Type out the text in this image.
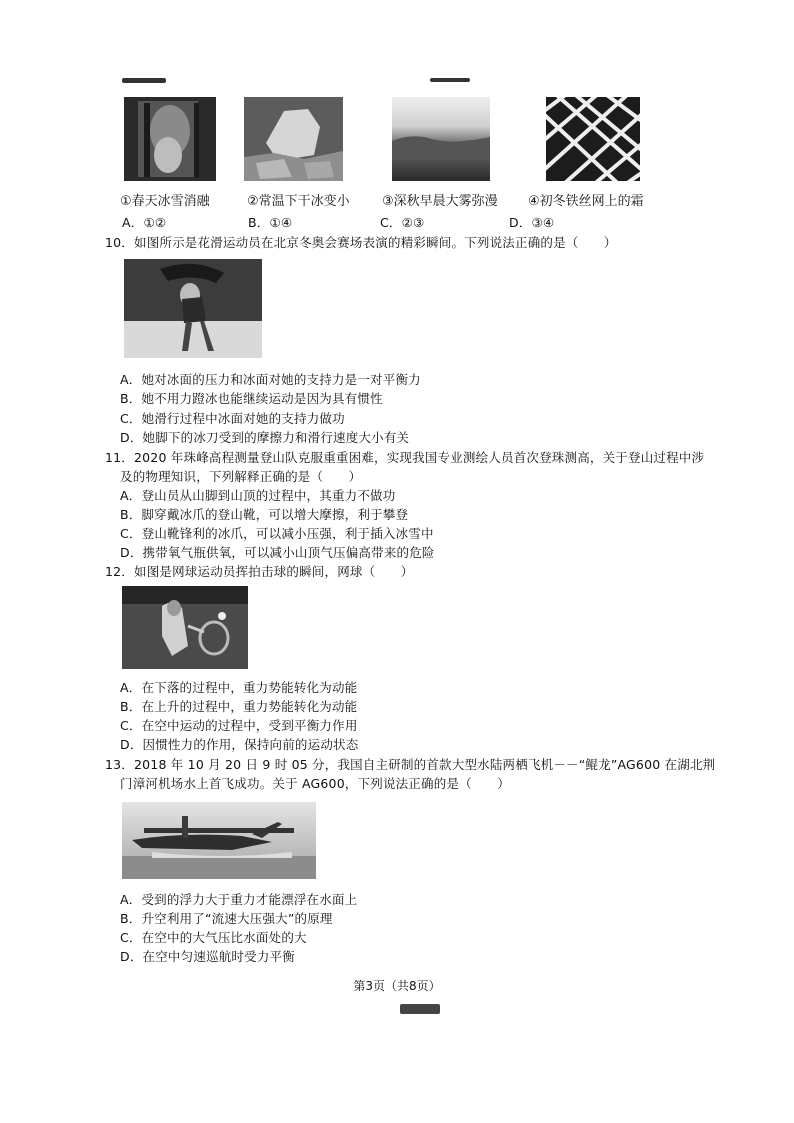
①春天冰雪消融	②常温下干冰变小 ③深秋早晨大雾弥漫 ④初冬铁丝网上的霜
A．①②	B．①④	C．②③	D．③④
10．如图所示是花滑运动员在北京冬奥会赛场表演的精彩瞬间。下列说法正确的是（　　）
A．她对冰面的压力和冰面对她的支持力是一对平衡力
B．她不用力蹬冰也能继续运动是因为具有惯性
C．她滑行过程中冰面对她的支持力做功
D．她脚下的冰刀受到的摩擦力和滑行速度大小有关
11．2020 年珠峰高程测量登山队克服重重困难，实现我国专业测绘人员首次登珠测高，关于登山过程中涉
及的物理知识，下列解释正确的是（　　）
A．登山员从山脚到山顶的过程中，其重力不做功
B．脚穿戴冰爪的登山靴，可以增大摩擦，利于攀登
C．登山靴锋利的冰爪，可以减小压强，利于插入冰雪中
D．携带氧气瓶供氧，可以减小山顶气压偏高带来的危险
12．如图是网球运动员挥拍击球的瞬间，网球（　　）
A．在下落的过程中，重力势能转化为动能
B．在上升的过程中，重力势能转化为动能
C．在空中运动的过程中，受到平衡力作用
D．因惯性力的作用，保持向前的运动状态
13．2018 年 10 月 20 日 9 时 05 分，我国自主研制的首款大型水陆两栖飞机－－“鲲龙”AG600 在湖北荆
门漳河机场水上首飞成功。关于 AG600，下列说法正确的是（　　）
A．受到的浮力大于重力才能漂浮在水面上
B．升空利用了“流速大压强大”的原理
C．在空中的大气压比水面处的大
D．在空中匀速巡航时受力平衡
第3页（共8页）
